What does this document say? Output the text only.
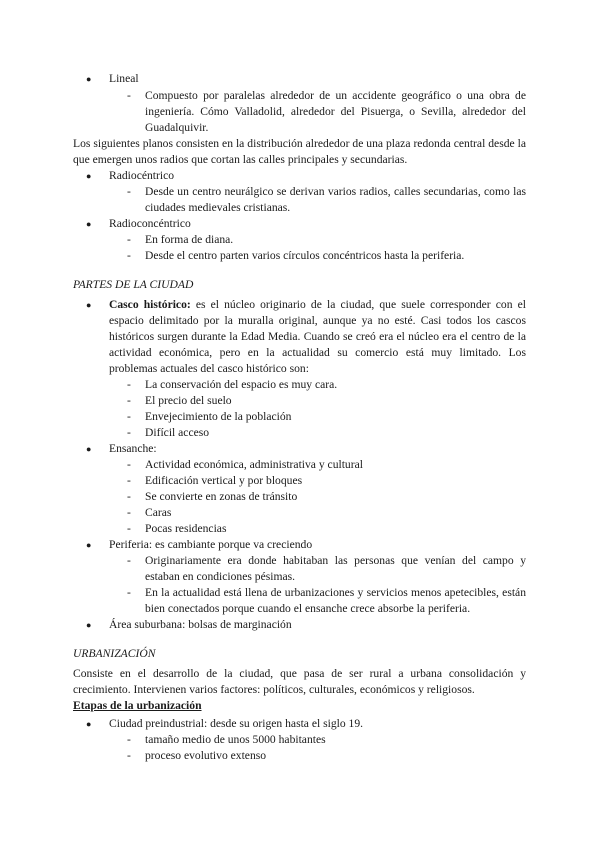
Lineal
- Compuesto por paralelas alrededor de un accidente geográfico o una obra de ingeniería. Cómo Valladolid, alrededor del Pisuerga, o Sevilla, alrededor del Guadalquivir.
Los siguientes planos consisten en la distribución alrededor de una plaza redonda central desde la que emergen unos radios que cortan las calles principales y secundarias.
Radiocéntrico
- Desde un centro neurálgico se derivan varios radios, calles secundarias, como las ciudades medievales cristianas.
Radioconcéntrico
- En forma de diana.
- Desde el centro parten varios círculos concéntricos hasta la periferia.
PARTES DE LA CIUDAD
Casco histórico: es el núcleo originario de la ciudad, que suele corresponder con el espacio delimitado por la muralla original, aunque ya no esté. Casi todos los cascos históricos surgen durante la Edad Media. Cuando se creó era el núcleo era el centro de la actividad económica, pero en la actualidad su comercio está muy limitado. Los problemas actuales del casco histórico son:
- La conservación del espacio es muy cara.
- El precio del suelo
- Envejecimiento de la población
- Difícil acceso
Ensanche:
- Actividad económica, administrativa y cultural
- Edificación vertical y por bloques
- Se convierte en zonas de tránsito
- Caras
- Pocas residencias
Periferia: es cambiante porque va creciendo
- Originariamente era donde habitaban las personas que venían del campo y estaban en condiciones pésimas.
- En la actualidad está llena de urbanizaciones y servicios menos apetecibles, están bien conectados porque cuando el ensanche crece absorbe la periferia.
Área suburbana: bolsas de marginación
URBANIZACIÓN
Consiste en el desarrollo de la ciudad, que pasa de ser rural a urbana consolidación y crecimiento. Intervienen varios factores: políticos, culturales, económicos y religiosos.
Etapas de la urbanización
Ciudad preindustrial: desde su origen hasta el siglo 19.
- tamaño medio de unos 5000 habitantes
- proceso evolutivo extenso
